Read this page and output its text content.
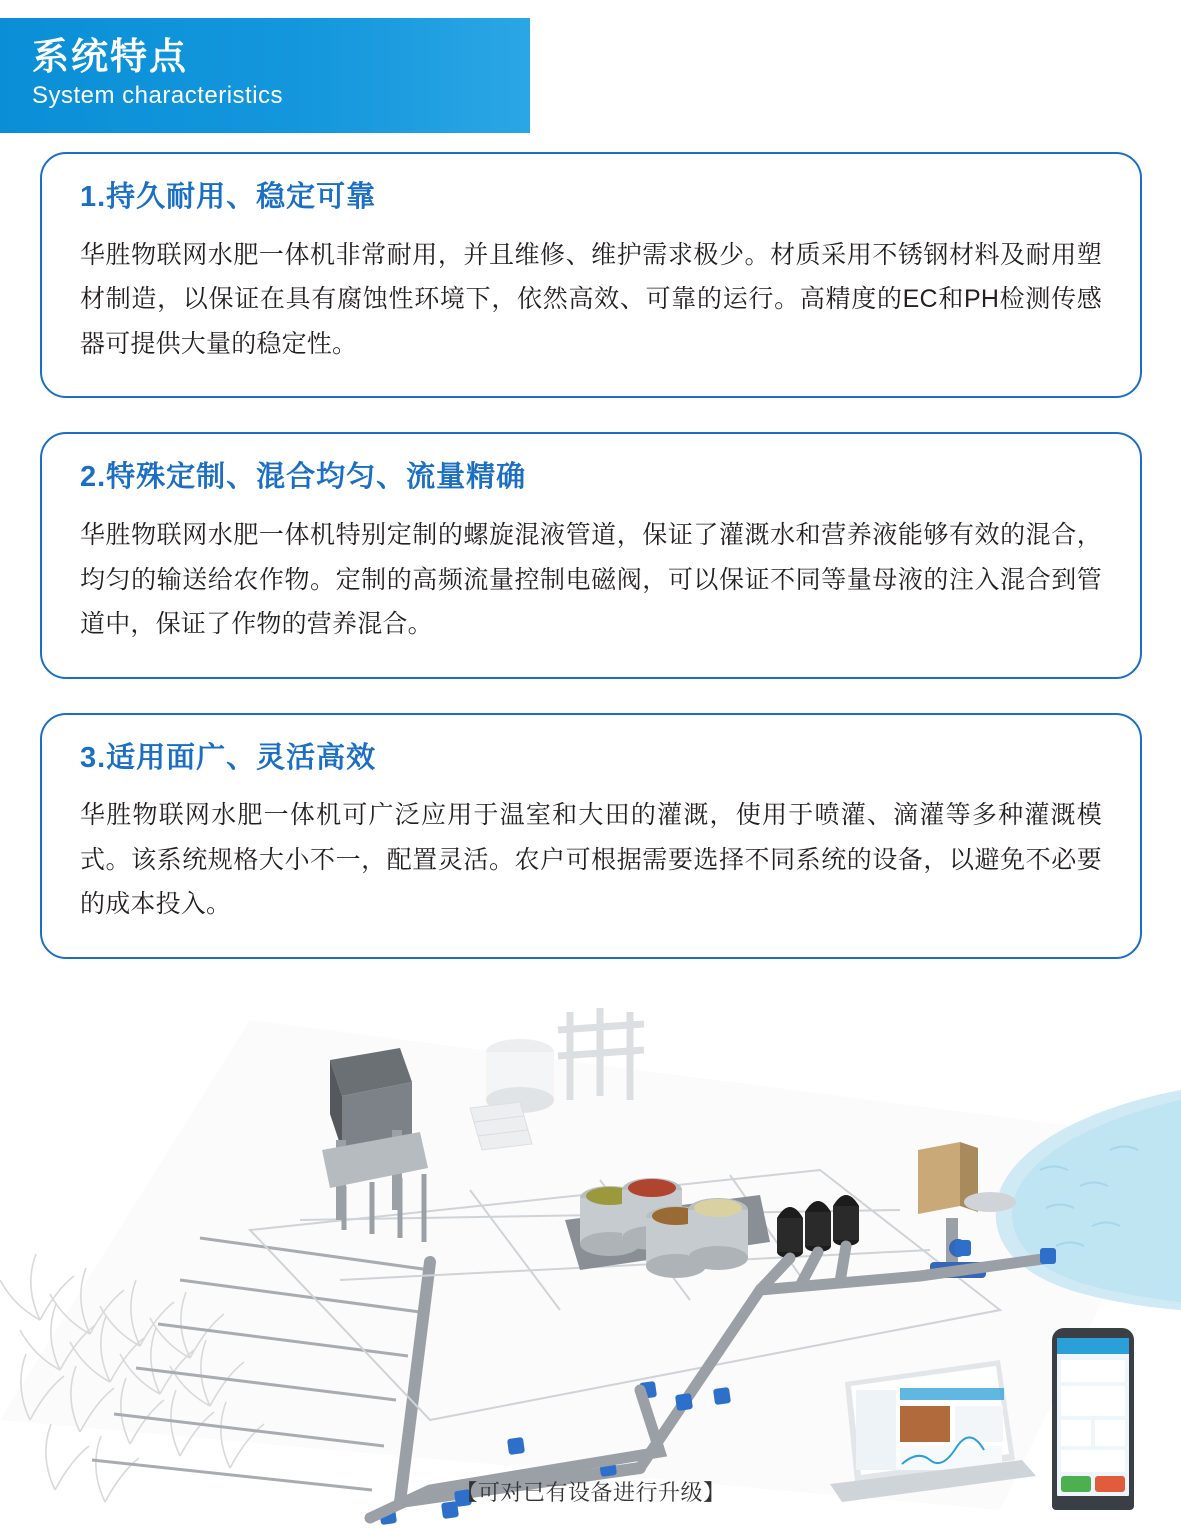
系统特点
System characteristics
1.持久耐用、稳定可靠
华胜物联网水肥一体机非常耐用，并且维修、维护需求极少。材质采用不锈钢材料及耐用塑材制造，以保证在具有腐蚀性环境下，依然高效、可靠的运行。高精度的EC和PH检测传感器可提供大量的稳定性。
2.特殊定制、混合均匀、流量精确
华胜物联网水肥一体机特别定制的螺旋混液管道，保证了灌溉水和营养液能够有效的混合，均匀的输送给农作物。定制的高频流量控制电磁阀，可以保证不同等量母液的注入混合到管道中，保证了作物的营养混合。
3.适用面广、灵活高效
华胜物联网水肥一体机可广泛应用于温室和大田的灌溉，使用于喷灌、滴灌等多种灌溉模式。该系统规格大小不一，配置灵活。农户可根据需要选择不同系统的设备，以避免不必要的成本投入。
【可对已有设备进行升级】
